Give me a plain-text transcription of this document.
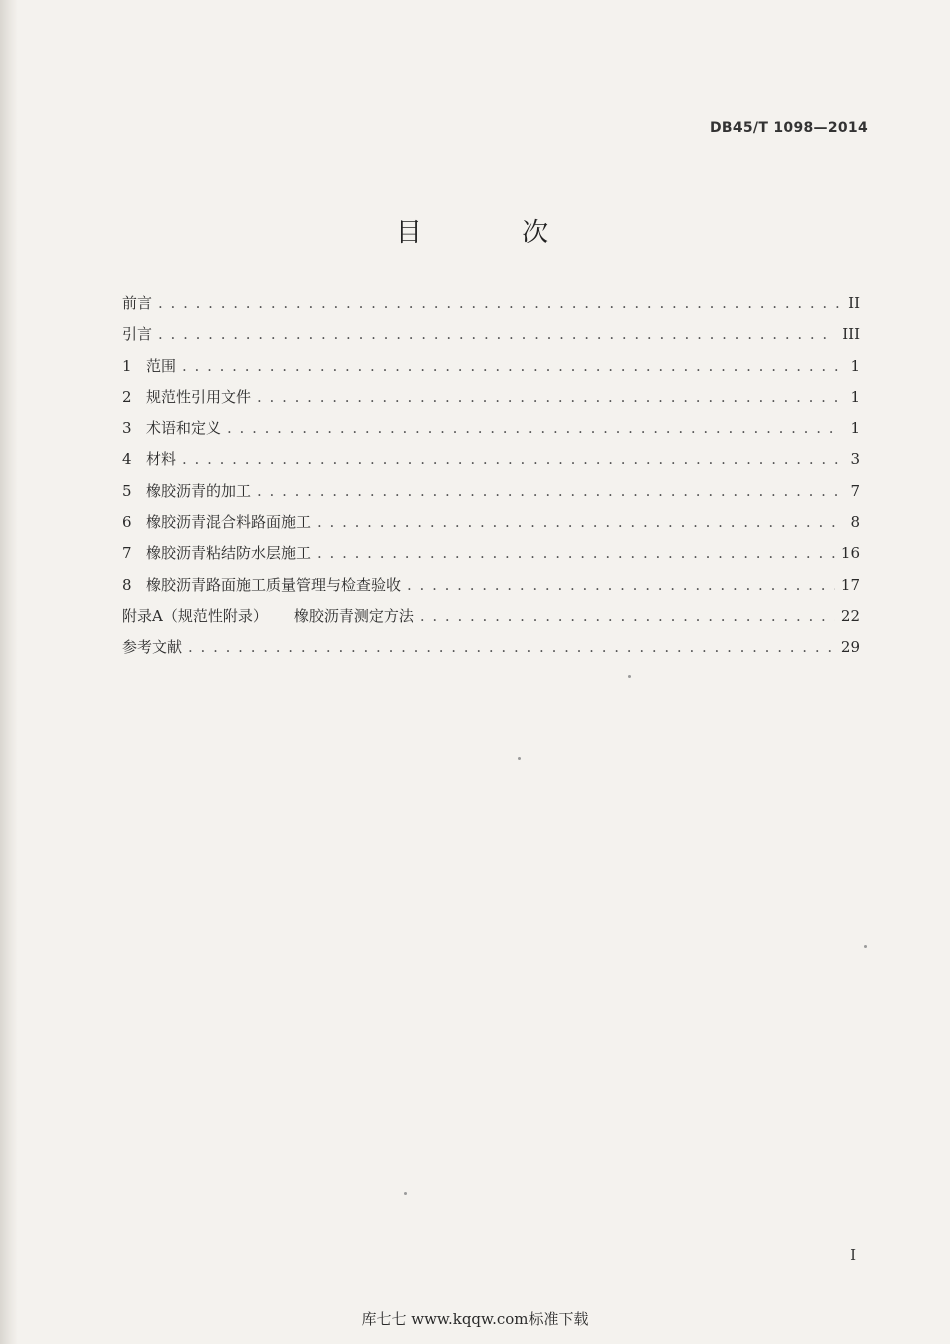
DB45/T 1098—2014
目 次
前言 . . .	II
引言 . . .	III
1 范围 . . .	1
2 规范性引用文件 . . .	1
3 术语和定义 . . .	1
4 材料 . . .	3
5 橡胶沥青的加工 . . .	7
6 橡胶沥青混合料路面施工 . . .	8
7 橡胶沥青粘结防水层施工 . . .	16
8 橡胶沥青路面施工质量管理与检查验收 . . .	17
附录A（规范性附录） 橡胶沥青测定方法 . . .	22
参考文献 . . .	29
I
库七七 www.kqqw.com标准下载
